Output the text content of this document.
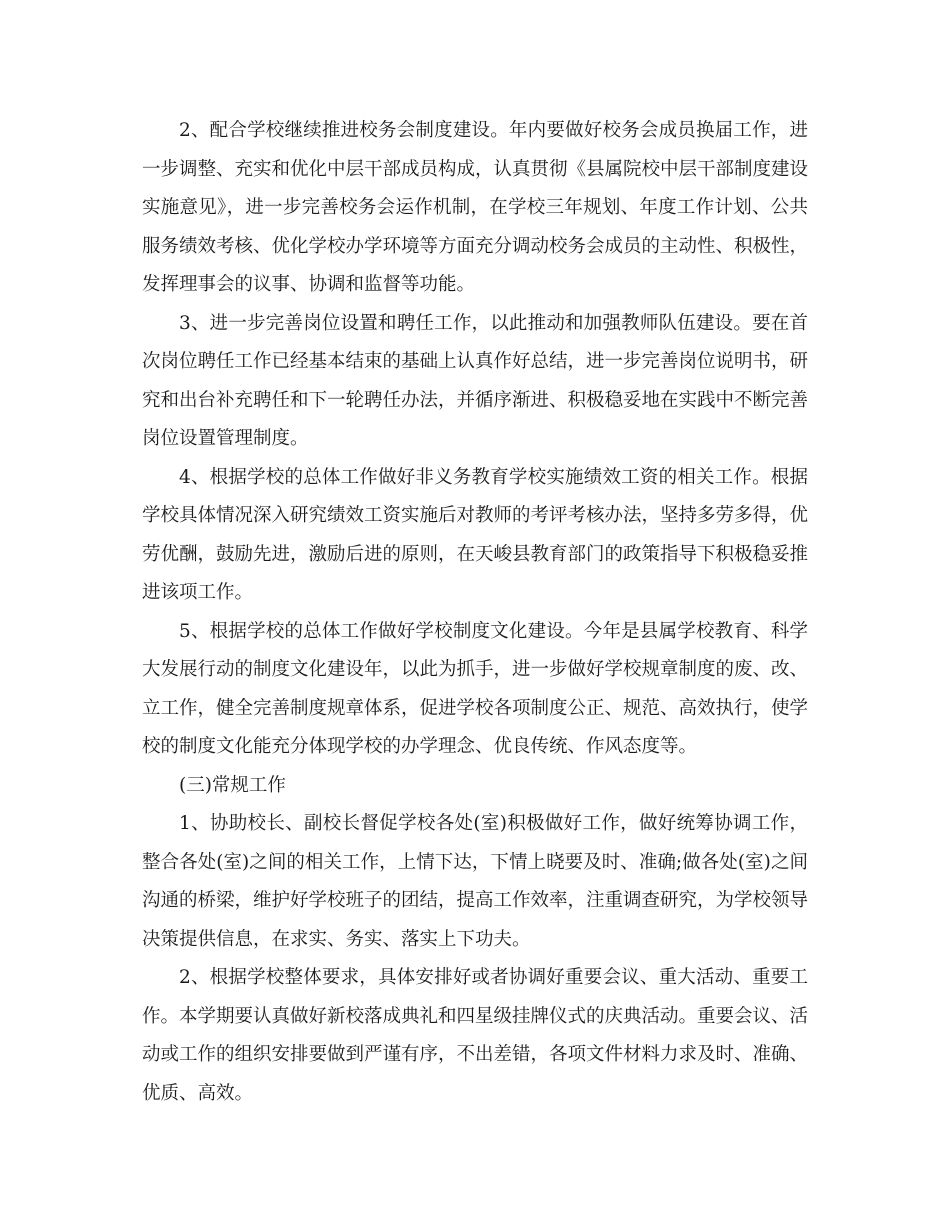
2、配合学校继续推进校务会制度建设。年内要做好校务会成员换届工作，进一步调整、充实和优化中层干部成员构成，认真贯彻《县属院校中层干部制度建设实施意见》，进一步完善校务会运作机制，在学校三年规划、年度工作计划、公共服务绩效考核、优化学校办学环境等方面充分调动校务会成员的主动性、积极性，发挥理事会的议事、协调和监督等功能。

3、进一步完善岗位设置和聘任工作，以此推动和加强教师队伍建设。要在首次岗位聘任工作已经基本结束的基础上认真作好总结，进一步完善岗位说明书，研究和出台补充聘任和下一轮聘任办法，并循序渐进、积极稳妥地在实践中不断完善岗位设置管理制度。

4、根据学校的总体工作做好非义务教育学校实施绩效工资的相关工作。根据学校具体情况深入研究绩效工资实施后对教师的考评考核办法，坚持多劳多得，优劳优酬，鼓励先进，激励后进的原则，在天峻县教育部门的政策指导下积极稳妥推进该项工作。

5、根据学校的总体工作做好学校制度文化建设。今年是县属学校教育、科学大发展行动的制度文化建设年，以此为抓手，进一步做好学校规章制度的废、改、立工作，健全完善制度规章体系，促进学校各项制度公正、规范、高效执行，使学校的制度文化能充分体现学校的办学理念、优良传统、作风态度等。

(三)常规工作

1、协助校长、副校长督促学校各处(室)积极做好工作，做好统筹协调工作，整合各处(室)之间的相关工作，上情下达，下情上晓要及时、准确;做各处(室)之间沟通的桥梁，维护好学校班子的团结，提高工作效率，注重调查研究，为学校领导决策提供信息，在求实、务实、落实上下功夫。

2、根据学校整体要求，具体安排好或者协调好重要会议、重大活动、重要工作。本学期要认真做好新校落成典礼和四星级挂牌仪式的庆典活动。重要会议、活动或工作的组织安排要做到严谨有序，不出差错，各项文件材料力求及时、准确、优质、高效。
